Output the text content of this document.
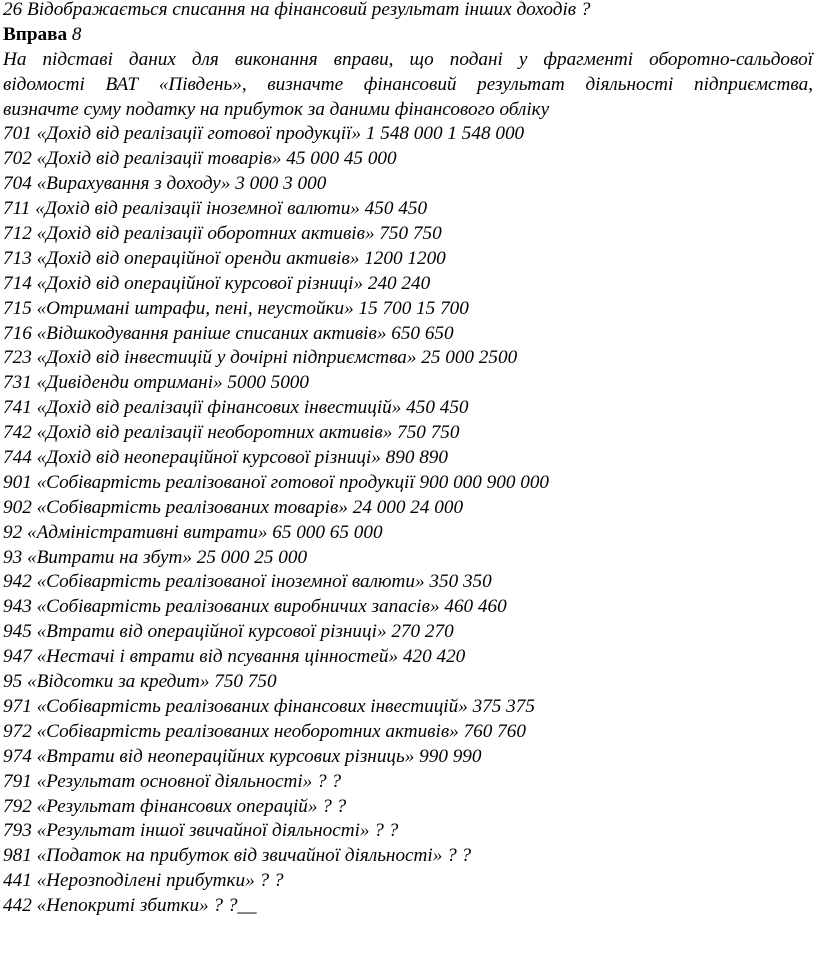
26 Відображається списання на фінансовий результат інших доходів ?
Вправа 8
На підставі даних для виконання вправи, що подані у фрагменті оборотно-сальдової
відомості ВАТ «Південь», визначте фінансовий результат діяльності підприємства,
визначте суму податку на прибуток за даними фінансового обліку
701 «Дохід від реалізації готової продукції» 1 548 000 1 548 000
702 «Дохід від реалізації товарів» 45 000 45 000
704 «Вирахування з доходу» 3 000 3 000
711 «Дохід від реалізації іноземної валюти» 450 450
712 «Дохід від реалізації оборотних активів» 750 750
713 «Дохід від операційної оренди активів» 1200 1200
714 «Дохід від операційної курсової різниці» 240 240
715 «Отримані штрафи, пені, неустойки» 15 700 15 700
716 «Відшкодування раніше списаних активів» 650 650
723 «Дохід від інвестицій у дочірні підприємства» 25 000 2500
731 «Дивіденди отримані» 5000 5000
741 «Дохід від реалізації фінансових інвестицій» 450 450
742 «Дохід від реалізації необоротних активів» 750 750
744 «Дохід від неопераційної курсової різниці» 890 890
901 «Собівартість реалізованої готової продукції 900 000 900 000
902 «Собівартість реалізованих товарів» 24 000 24 000
92 «Адміністративні витрати» 65 000 65 000
93 «Витрати на збут» 25 000 25 000
942 «Собівартість реалізованої іноземної валюти» 350 350
943 «Собівартість реалізованих виробничих запасів» 460 460
945 «Втрати від операційної курсової різниці» 270 270
947 «Нестачі і втрати від псування цінностей» 420 420
95 «Відсотки за кредит» 750 750
971 «Собівартість реалізованих фінансових інвестицій» 375 375
972 «Собівартість реалізованих необоротних активів» 760 760
974 «Втрати від неопераційних курсових різниць» 990 990
791 «Результат основної діяльності» ? ?
792 «Результат фінансових операцій» ? ?
793 «Результат іншої звичайної діяльності» ? ?
981 «Податок на прибуток від звичайної діяльності» ? ?
441 «Нерозподілені прибутки» ? ?
442 «Непокриті збитки» ? ?__
